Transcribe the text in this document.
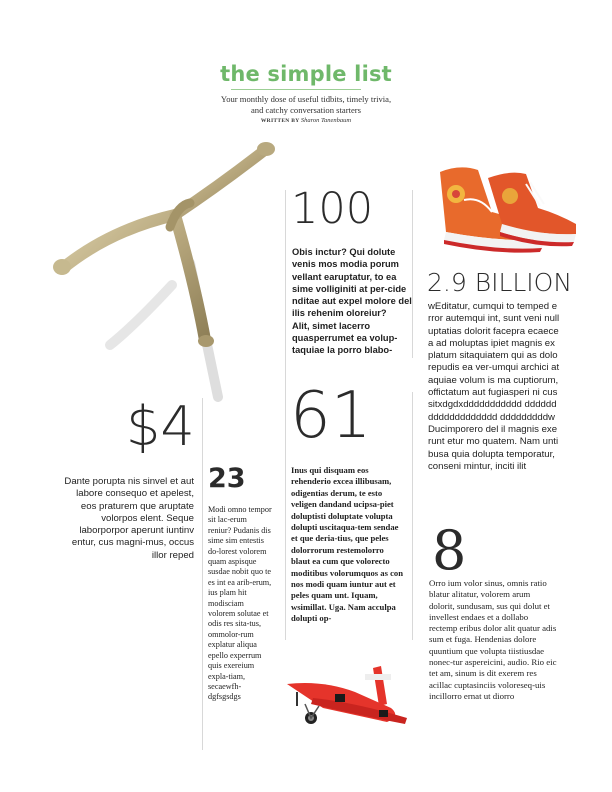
the simple list
Your monthly dose of useful tidbits, timely trivia,
and catchy conversation starters
WRITTEN BY Sharon Tanenbaum
100

Obis inctur? Qui dolute venis mos modia porum vellant earuptatur, to ea sime volliginiti at per-cide nditae aut expel molore del ilis rehenim oloreiur?

Alit, simet lacerro quasperrumet ea volup-taquiae la porro blabo-

2.9 BILLION
wEditatur, cumqui to temped error autemqui int, sunt veni nulluptatias dolorit facepra ecaecea ad moluptas ipiet magnis explatum sitaquiatem qui as dolorepudis ea ver-umqui archici ataquiae volum is ma cuptiorum, offictatum aut fugiasperi ni cus sitxdgdxddddddddddd ddddddddddddddddddd dddddddddwDucimporero del il magnis exerunt etur mo quatem. Nam untibusa quia dolupta temporatur, conseni mintur, inciti ilit
$4
Dante porupta nis sinvel et aut labore consequo et apelest, eos praturem que aruptate volorpos elent. Seque laborporpor aperunt iuntinv entur, cus magni-mus, occus illor reped
23
Modi omno tempor sit lac-erum reniur? Pudanis dis sime sim entestis do-lorest volorem quam aspisque susdae nobit quo te es int ea arib-erum, ius plam hit modisciam volorem solutae et odis res sita-tus, ommolor-rum explatur aliqua epello experrum quis exereium expla-tiam, secaewfh-dgfsgsdgs
61
Inus qui disquam eos rehenderio excea illibusam, odigentias derum, te esto veligen dandand ucipsa-piet doluptisti doluptate volupta dolupti uscitaqua-tem sendae et que deria-tius, que peles dolorrorum restemolorro blaut ea cum que volorecto moditibus volorumquos as con nos modi quam iuntur aut et peles quam unt. Iquam, wsimillat. Uga. Nam acculpa dolupti op-
8
Orro ium volor sinus, omnis ratio blatur alitatur, volorem arum dolorit, sundusam, sus qui dolut et invellest endaes et a dollabo rectemp eribus dolor alit quatur adis sum et fuga. Hendenias dolore quuntium que volupta tiistiusdae nonec-tur aspereicini, audio. Rio eic tet am, sinum is dit exerem res acillac cuptasinciis voloreseq-uis incillorro ernat ut diorro
